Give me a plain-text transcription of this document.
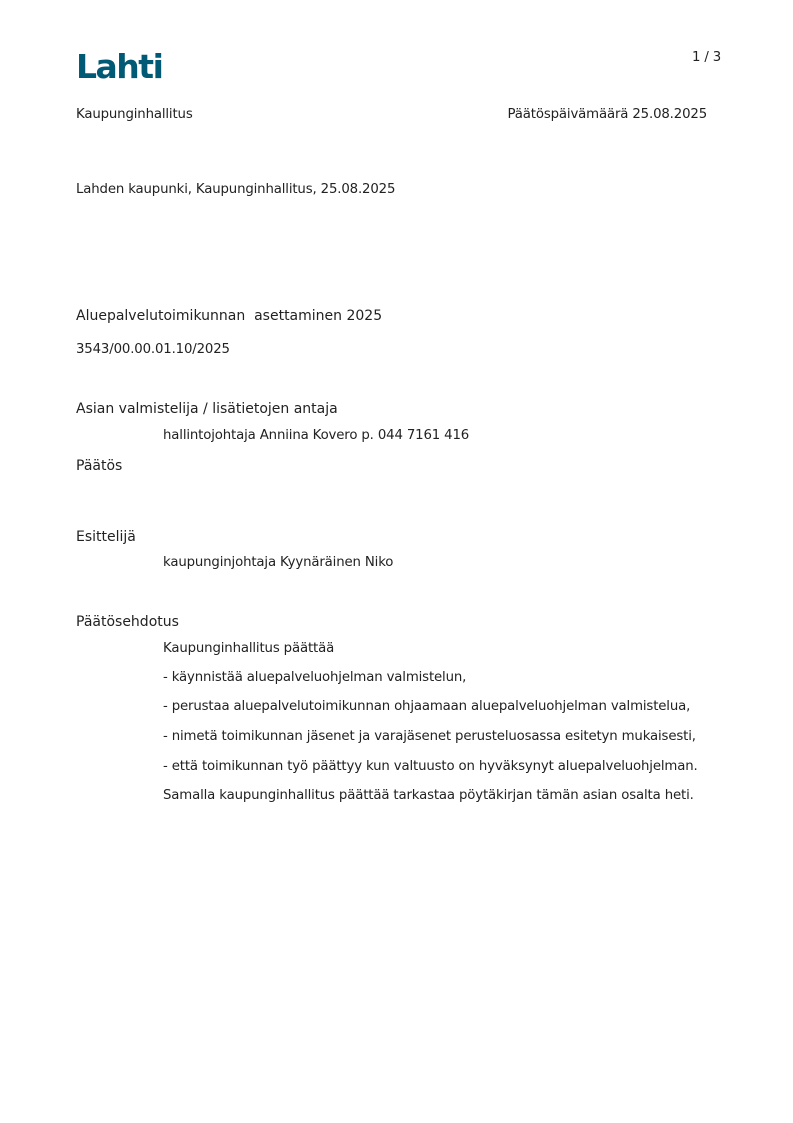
Lahti	1 / 3
Kaupunginhallitus	Päätöspäivämäärä 25.08.2025
Lahden kaupunki, Kaupunginhallitus, 25.08.2025
Aluepalvelutoimikunnan  asettaminen 2025
3543/00.00.01.10/2025
Asian valmistelija / lisätietojen antaja
hallintojohtaja Anniina Kovero p. 044 7161 416
Päätös
Esittelijä
kaupunginjohtaja Kyynäräinen Niko
Päätösehdotus
Kaupunginhallitus päättää
- käynnistää aluepalveluohjelman valmistelun,
- perustaa aluepalvelutoimikunnan ohjaamaan aluepalveluohjelman valmistelua,
- nimetä toimikunnan jäsenet ja varajäsenet perusteluosassa esitetyn mukaisesti,
- että toimikunnan työ päättyy kun valtuusto on hyväksynyt aluepalveluohjelman.
Samalla kaupunginhallitus päättää tarkastaa pöytäkirjan tämän asian osalta heti.
